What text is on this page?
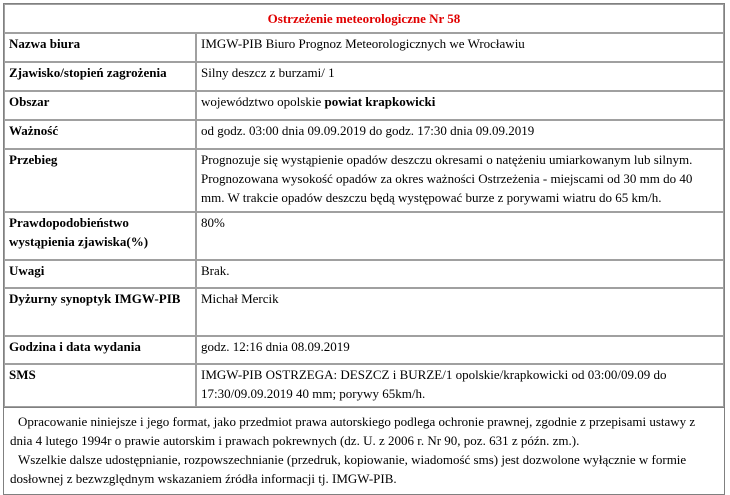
Ostrzeżenie meteorologiczne Nr 58	
Nazwa biura	IMGW-PIB Biuro Prognoz Meteorologicznych we Wrocławiu
Zjawisko/stopień zagrożenia	Silny deszcz z burzami/ 1
Obszar	województwo opolskie powiat krapkowicki
Ważność	od godz. 03:00 dnia 09.09.2019 do godz. 17:30 dnia 09.09.2019
Przebieg	Prognozuje się wystąpienie opadów deszczu okresami o natężeniu umiarkowanym lub silnym. Prognozowana wysokość opadów za okres ważności Ostrzeżenia - miejscami od 30 mm do 40 mm. W trakcie opadów deszczu będą występować burze z porywami wiatru do 65 km/h.
Prawdopodobieństwo wystąpienia zjawiska(%)	80%
Uwagi	Brak.
Dyżurny synoptyk IMGW-PIB	Michał Mercik
Godzina i data wydania	godz. 12:16 dnia 08.09.2019
SMS	IMGW-PIB OSTRZEGA: DESZCZ i BURZE/1 opolskie/krapkowicki od 03:00/09.09 do 17:30/09.09.2019 40 mm; porywy 65km/h.

Opracowanie niniejsze i jego format, jako przedmiot prawa autorskiego podlega ochronie prawnej, zgodnie z przepisami ustawy z dnia 4 lutego 1994r o prawie autorskim i prawach pokrewnych (dz. U. z 2006 r. Nr 90, poz. 631 z późn. zm.).

Wszelkie dalsze udostępnianie, rozpowszechnianie (przedruk, kopiowanie, wiadomość sms) jest dozwolone wyłącznie w formie dosłownej z bezwzględnym wskazaniem źródła informacji tj. IMGW-PIB.
